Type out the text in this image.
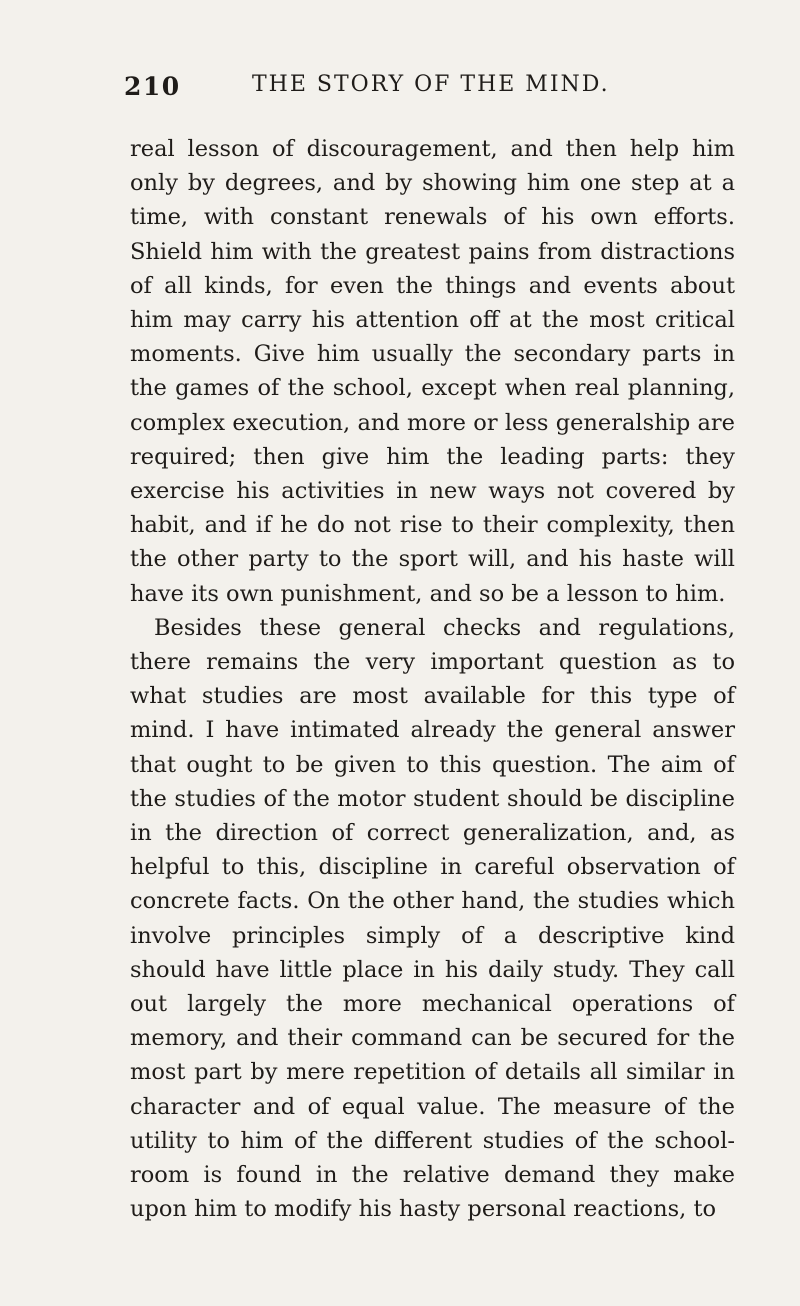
210	THE STORY OF THE MIND.

real lesson of discouragement, and then help him only by degrees, and by showing him one step at a time, with constant renewals of his own efforts. Shield him with the greatest pains from distractions of all kinds, for even the things and events about him may carry his attention off at the most critical moments. Give him usually the secondary parts in the games of the school, except when real planning, complex execution, and more or less generalship are required; then give him the leading parts: they exercise his activities in new ways not covered by habit, and if he do not rise to their complexity, then the other party to the sport will, and his haste will have its own punishment, and so be a lesson to him.

Besides these general checks and regulations, there remains the very important question as to what studies are most available for this type of mind. I have intimated already the general answer that ought to be given to this question. The aim of the studies of the motor student should be discipline in the direction of correct generalization, and, as helpful to this, discipline in careful observation of concrete facts. On the other hand, the studies which involve principles simply of a descriptive kind should have little place in his daily study. They call out largely the more mechanical operations of memory, and their command can be secured for the most part by mere repetition of details all similar in character and of equal value. The measure of the utility to him of the different studies of the school-room is found in the relative demand they make upon him to modify his hasty personal reactions, to
